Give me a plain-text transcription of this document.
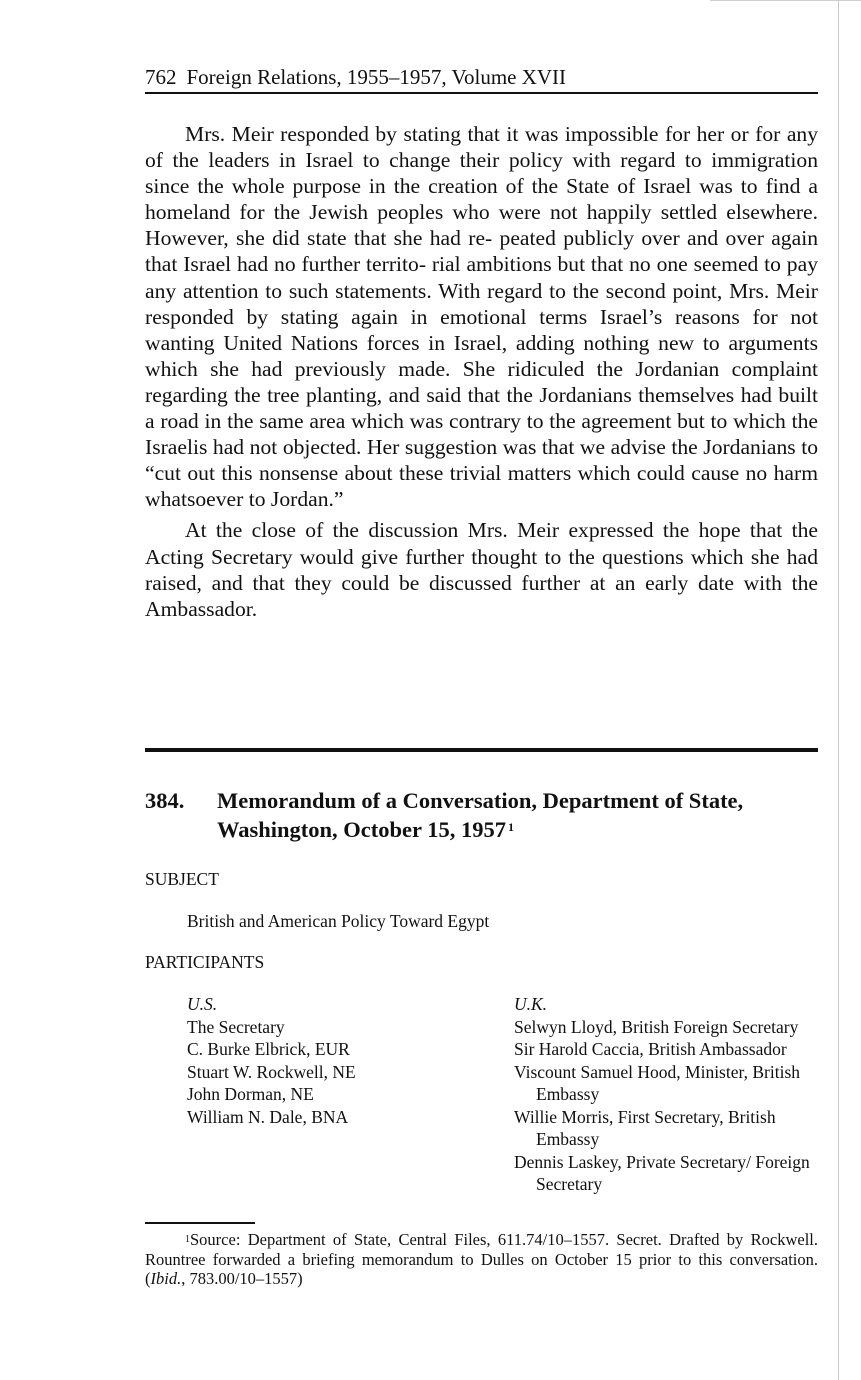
762 Foreign Relations, 1955–1957, Volume XVII

Mrs. Meir responded by stating that it was impossible for her or for any of the leaders in Israel to change their policy with regard to immigration since the whole purpose in the creation of the State of Israel was to find a homeland for the Jewish peoples who were not happily settled elsewhere. However, she did state that she had re- peated publicly over and over again that Israel had no further territo- rial ambitions but that no one seemed to pay any attention to such statements. With regard to the second point, Mrs. Meir responded by stating again in emotional terms Israel’s reasons for not wanting United Nations forces in Israel, adding nothing new to arguments which she had previously made. She ridiculed the Jordanian complaint regarding the tree planting, and said that the Jordanians themselves had built a road in the same area which was contrary to the agreement but to which the Israelis had not objected. Her suggestion was that we advise the Jordanians to “cut out this nonsense about these trivial matters which could cause no harm whatsoever to Jordan.”

At the close of the discussion Mrs. Meir expressed the hope that the Acting Secretary would give further thought to the questions which she had raised, and that they could be discussed further at an early date with the Ambassador.

384. Memorandum of a Conversation, Department of State,
Washington, October 15, 1957 $^1$
SUBJECT
British and American Policy Toward Egypt
PARTICIPANTS
U.S.
The Secretary
C. Burke Elbrick, EUR
Stuart W. Rockwell, NE
John Dorman, NE
William N. Dale, BNA
U.K.
Selwyn Lloyd, British Foreign Secretary
Sir Harold Caccia, British Ambassador
Viscount Samuel Hood, Minister, British Embassy
Willie Morris, First Secretary, British Embassy
Dennis Laskey, Private Secretary/ Foreign Secretary
$^1$Source: Department of State, Central Files, 611.74/10–1557. Secret. Drafted by Rockwell. Rountree forwarded a briefing memorandum to Dulles on October 15 prior to this conversation. (Ibid., 783.00/10–1557)
